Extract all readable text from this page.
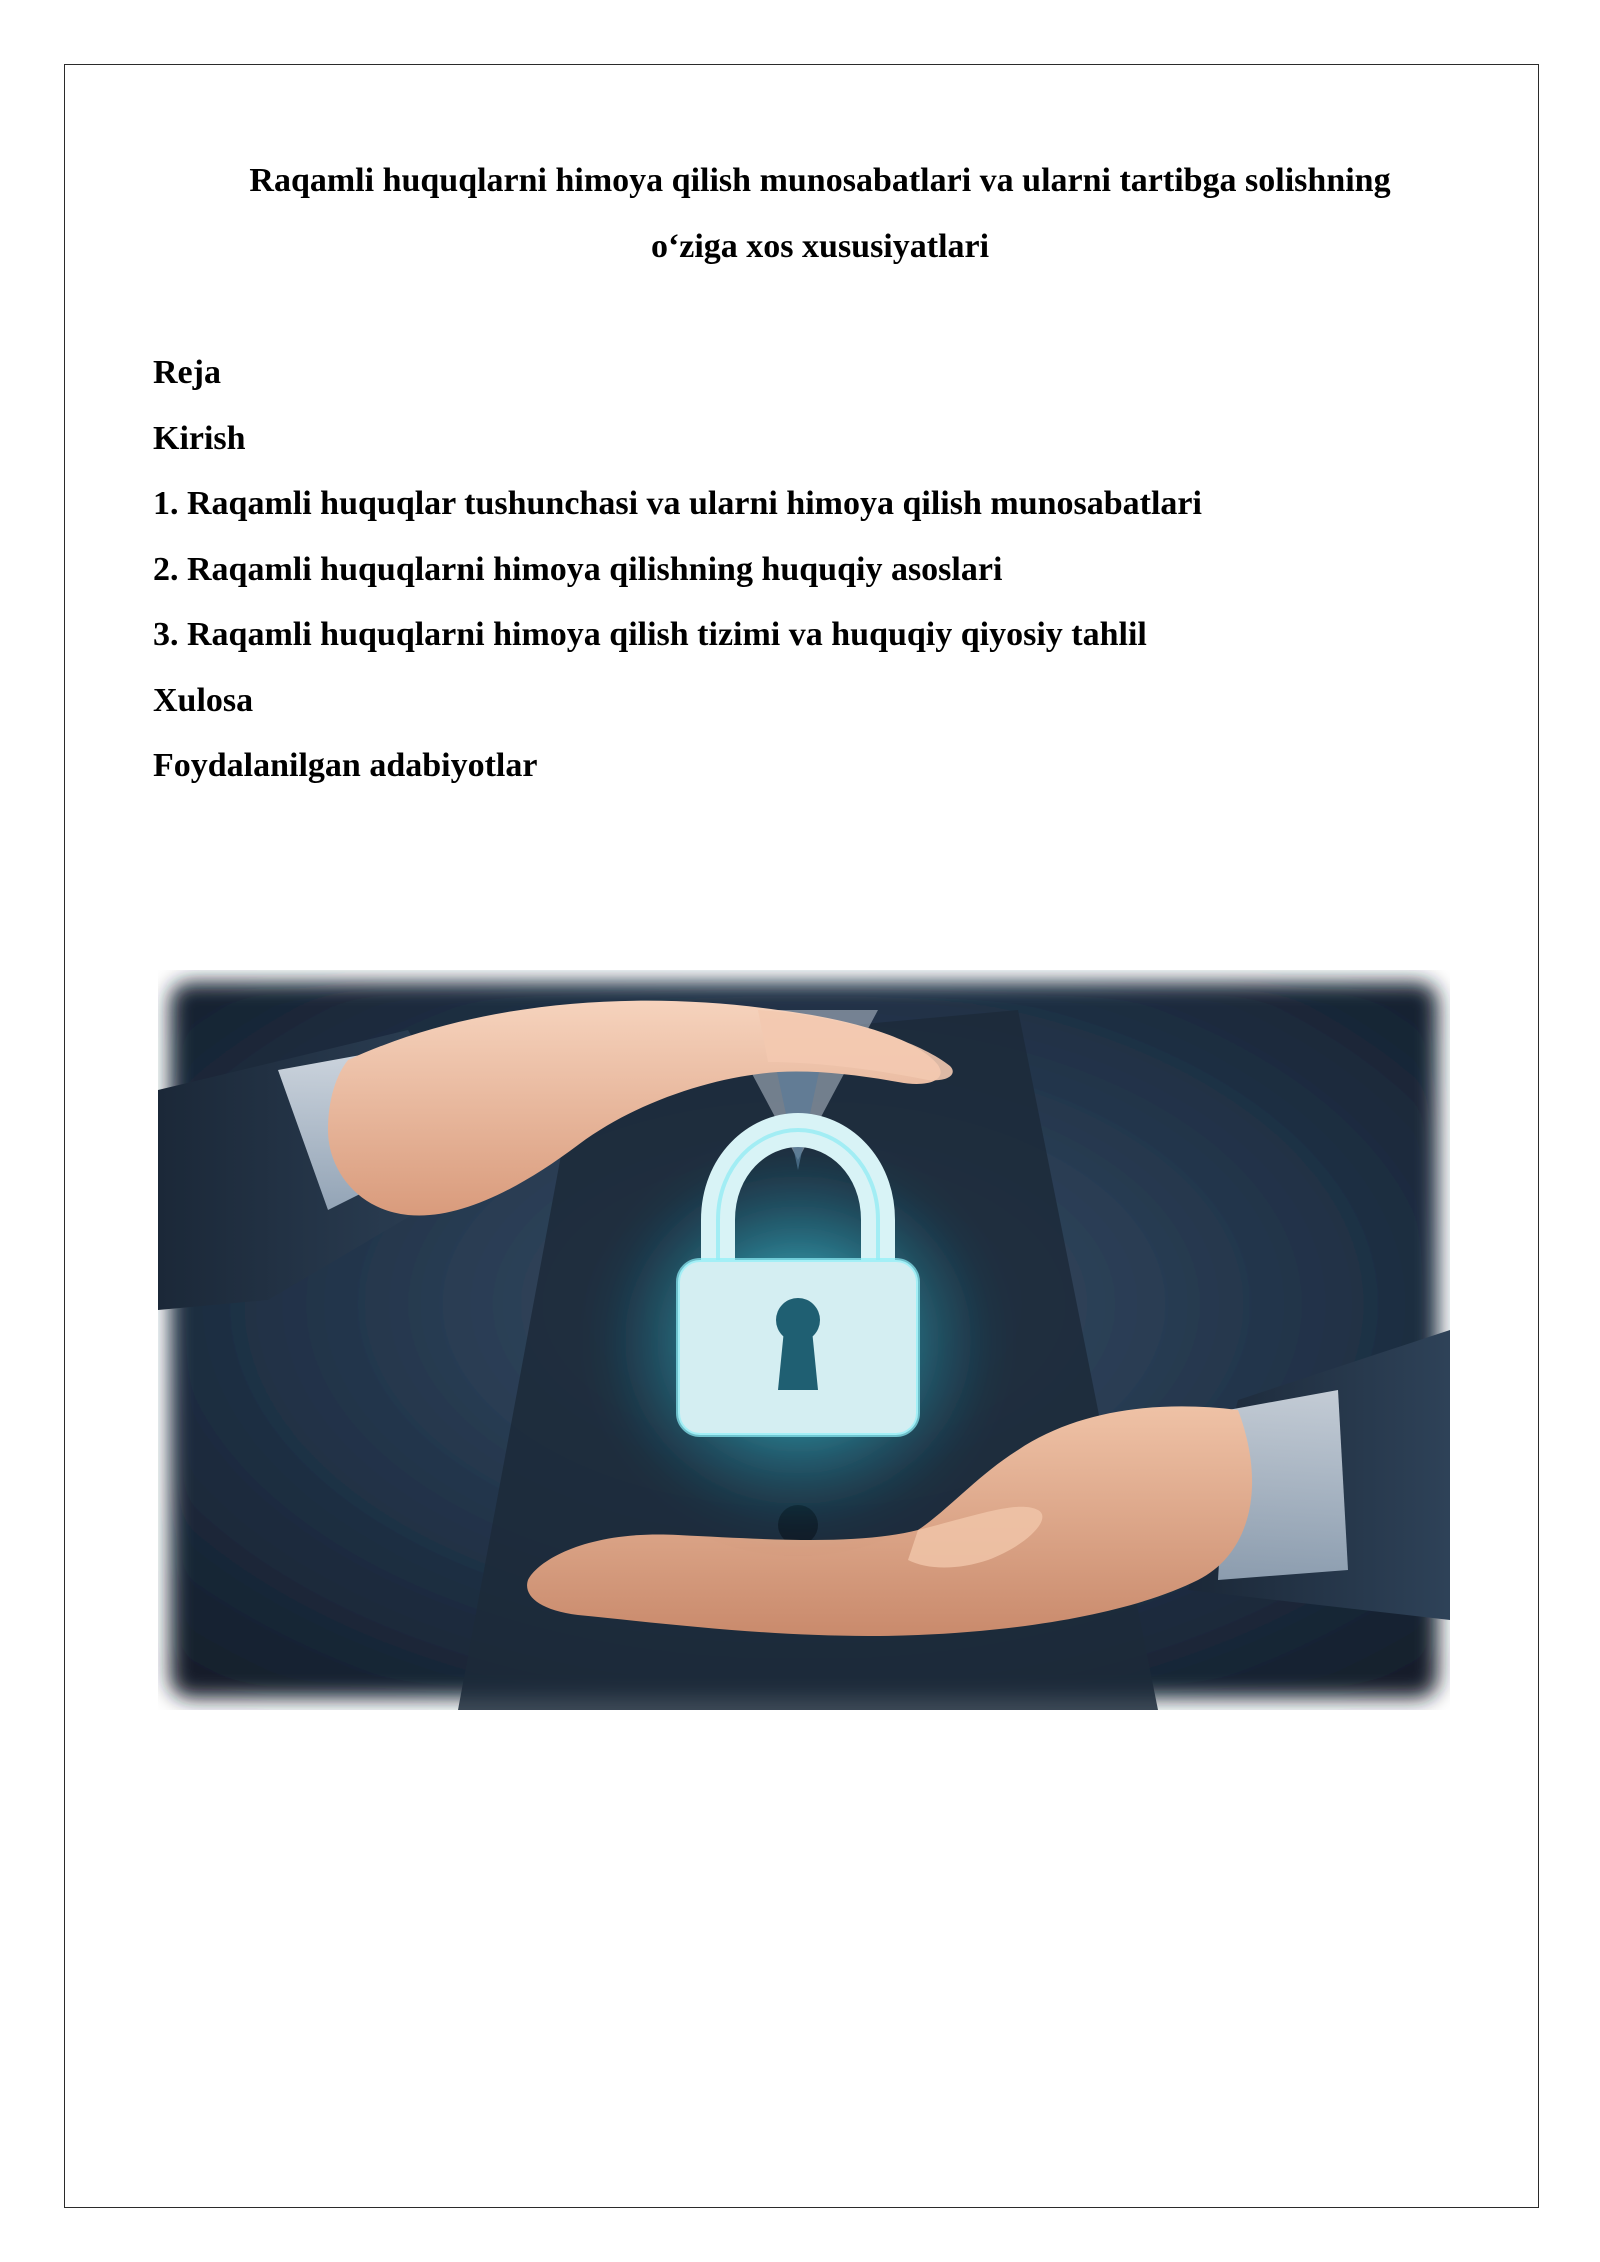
Raqamli huquqlarni himoya qilish munosabatlari va ularni tartibga solishning
o‘ziga xos xususiyatlari
Reja
Kirish
1. Raqamli huquqlar tushunchasi va ularni himoya qilish munosabatlari
2. Raqamli huquqlarni himoya qilishning huquqiy asoslari
3. Raqamli huquqlarni himoya qilish tizimi va huquqiy qiyosiy tahlil
Xulosa
Foydalanilgan adabiyotlar
